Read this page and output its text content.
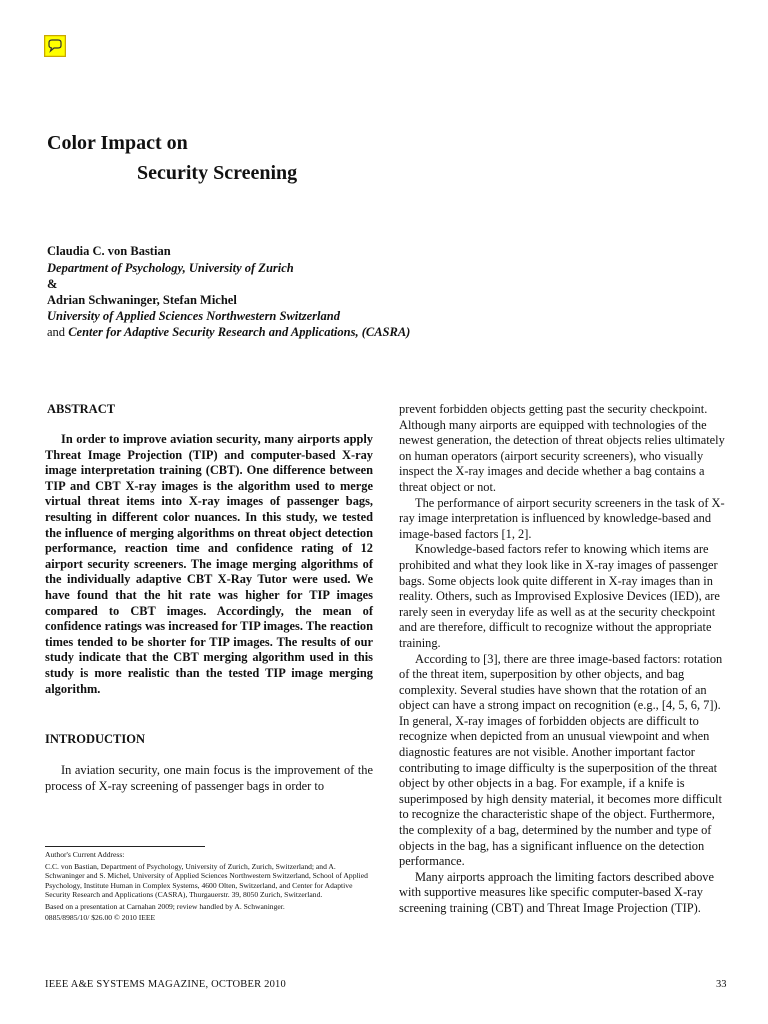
Color Impact on
Security Screening
Claudia C. von Bastian
Department of Psychology, University of Zurich
&
Adrian Schwaninger, Stefan Michel
University of Applied Sciences Northwestern Switzerland
and Center for Adaptive Security Research and Applications, (CASRA)
ABSTRACT

In order to improve aviation security, many airports apply Threat Image Projection (TIP) and computer-based X-ray image interpretation training (CBT). One difference between TIP and CBT X-ray images is the algorithm used to merge virtual threat items into X-ray images of passenger bags, resulting in different color nuances. In this study, we tested the influence of merging algorithms on threat object detection performance, reaction time and confidence rating of 12 airport security screeners. The image merging algorithms of the individually adaptive CBT X-Ray Tutor were used. We have found that the hit rate was higher for TIP images compared to CBT images. Accordingly, the mean of confidence ratings was increased for TIP images. The reaction times tended to be shorter for TIP images. The results of our study indicate that the CBT merging algorithm used in this study is more realistic than the tested TIP image merging algorithm.

INTRODUCTION

In aviation security, one main focus is the improvement of the process of X-ray screening of passenger bags in order to

prevent forbidden objects getting past the security checkpoint. Although many airports are equipped with technologies of the newest generation, the detection of threat objects relies ultimately on human operators (airport security screeners), who visually inspect the X-ray images and decide whether a bag contains a threat object or not.

The performance of airport security screeners in the task of X-ray image interpretation is influenced by knowledge-based and image-based factors [1, 2].

Knowledge-based factors refer to knowing which items are prohibited and what they look like in X-ray images of passenger bags. Some objects look quite different in X-ray images than in reality. Others, such as Improvised Explosive Devices (IED), are rarely seen in everyday life as well as at the security checkpoint and are therefore, difficult to recognize without the appropriate training.

According to [3], there are three image-based factors: rotation of the threat item, superposition by other objects, and bag complexity. Several studies have shown that the rotation of an object can have a strong impact on recognition (e.g., [4, 5, 6, 7]). In general, X-ray images of forbidden objects are difficult to recognize when depicted from an unusual viewpoint and when diagnostic features are not visible. Another important factor contributing to image difficulty is the superposition of the threat object by other objects in a bag. For example, if a knife is superimposed by high density material, it becomes more difficult to recognize the characteristic shape of the object. Furthermore, the complexity of a bag, determined by the number and type of objects in the bag, has a significant influence on the detection performance.

Many airports approach the limiting factors described above with supportive measures like specific computer-based X-ray screening training (CBT) and Threat Image Projection (TIP).

Author's Current Address:
C.C. von Bastian, Department of Psychology, University of Zurich, Zurich, Switzerland; and A. Schwaninger and S. Michel, University of Applied Sciences Northwestern Switzerland, School of Applied Psychology, Institute Human in Complex Systems, 4600 Olten, Switzerland, and Center for Adaptive Security Research and Applications (CASRA), Thurgauerstr. 39, 8050 Zurich, Switzerland.
Based on a presentation at Carnahan 2009; review handled by A. Schwaninger.
0885/8985/10/ $26.00 © 2010 IEEE
IEEE A&E SYSTEMS MAGAZINE, OCTOBER 2010	33
